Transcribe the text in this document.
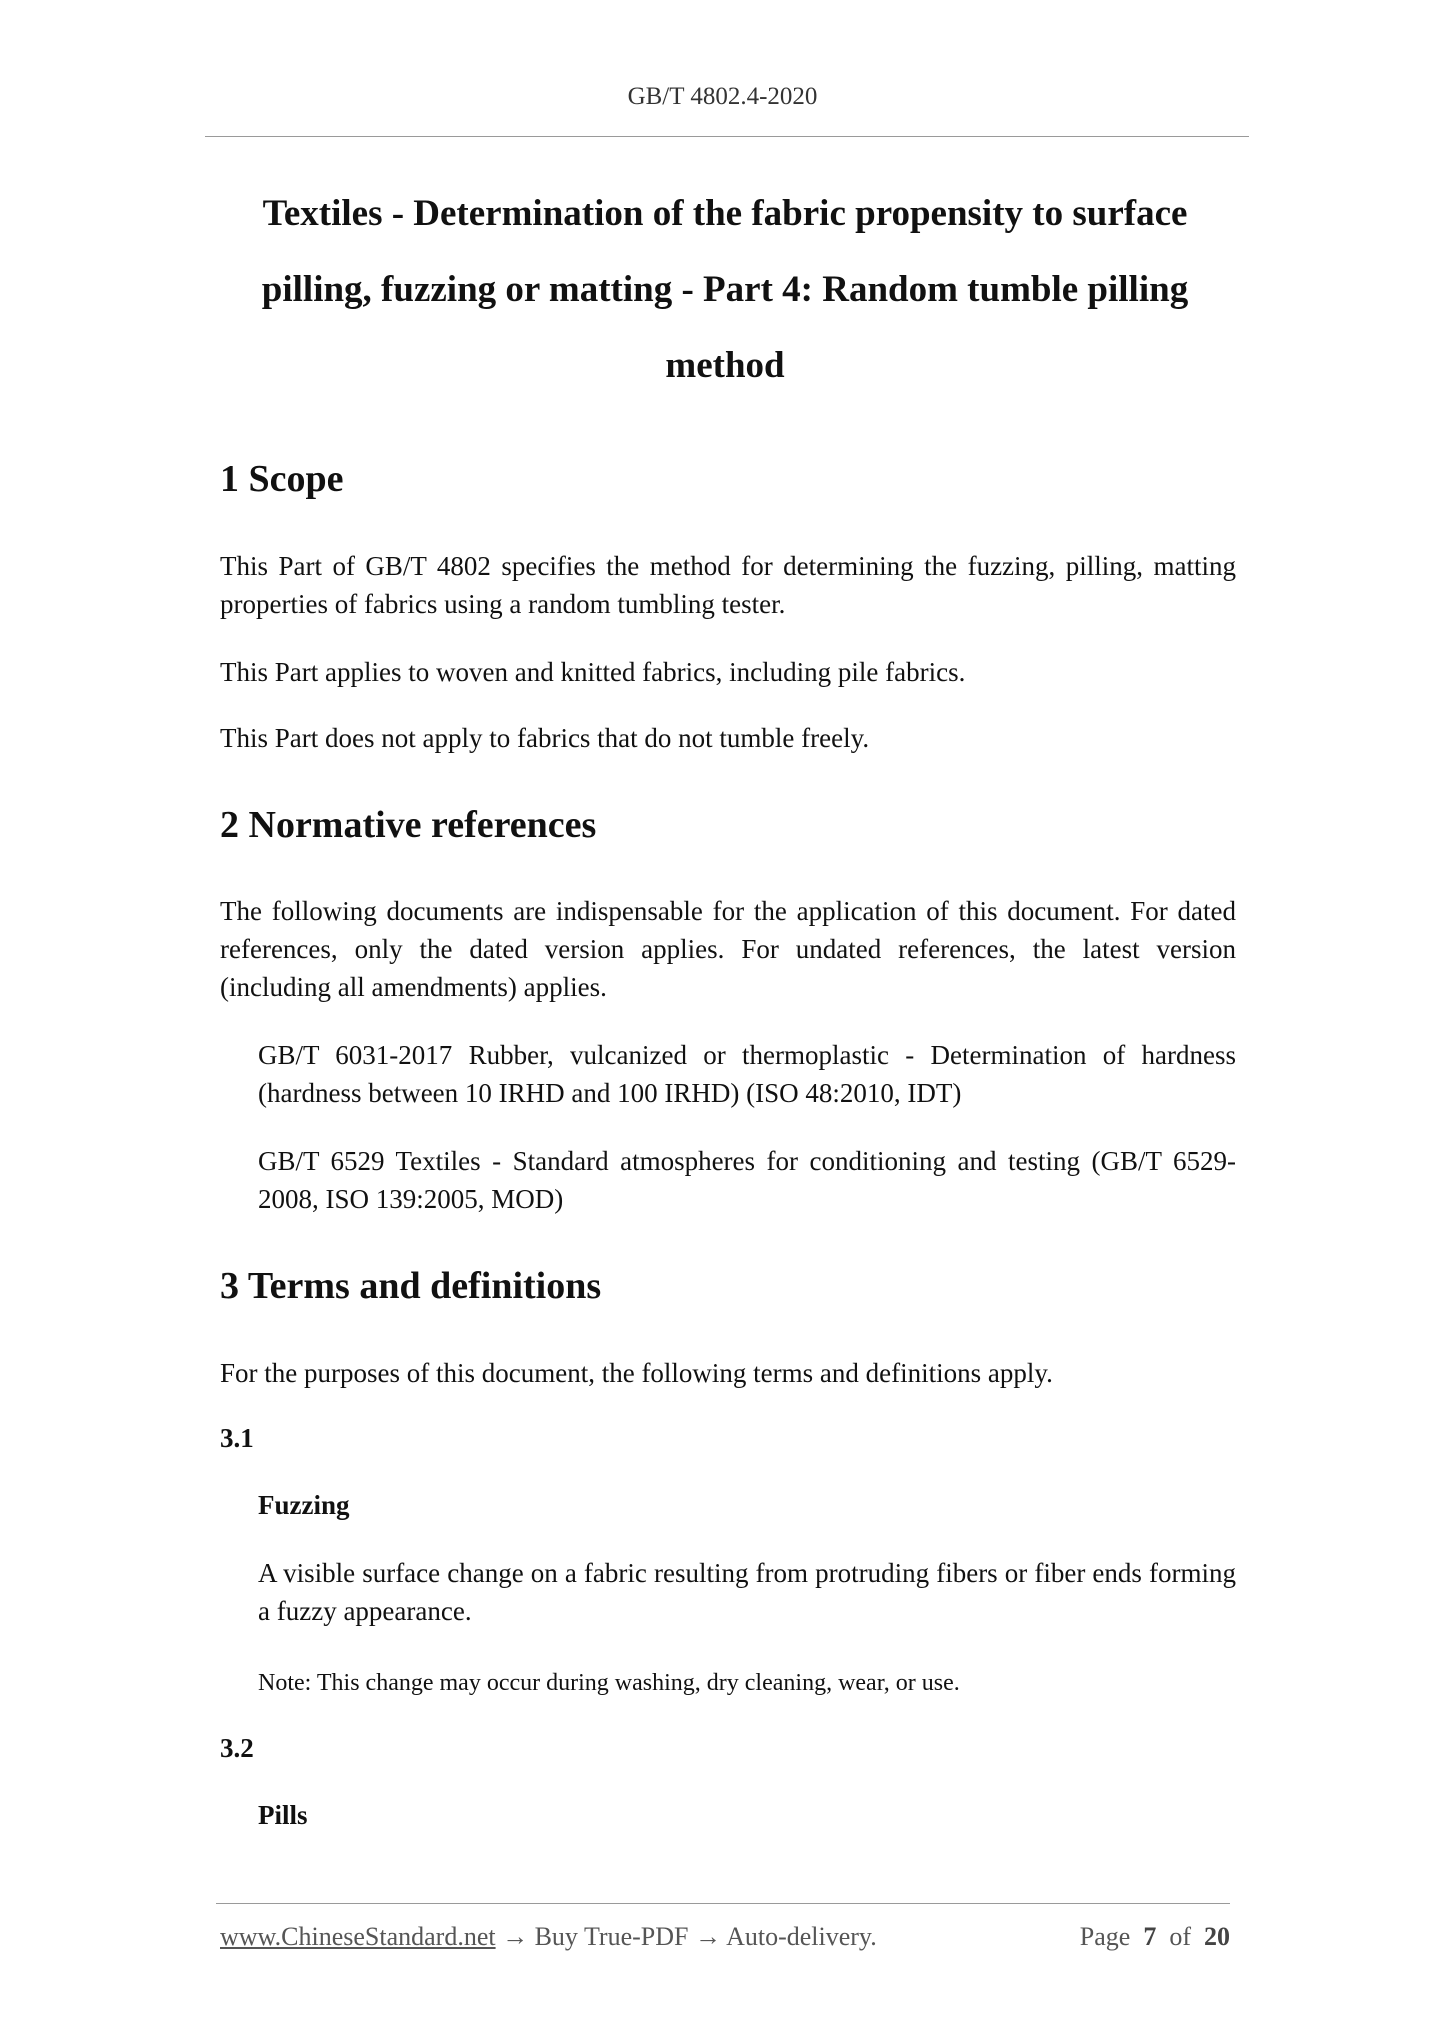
GB/T 4802.4-2020
Textiles - Determination of the fabric propensity to surface pilling, fuzzing or matting - Part 4: Random tumble pilling method
1 Scope
This Part of GB/T 4802 specifies the method for determining the fuzzing, pilling, matting properties of fabrics using a random tumbling tester.
This Part applies to woven and knitted fabrics, including pile fabrics.
This Part does not apply to fabrics that do not tumble freely.
2 Normative references
The following documents are indispensable for the application of this document. For dated references, only the dated version applies. For undated references, the latest version (including all amendments) applies.
GB/T 6031-2017 Rubber, vulcanized or thermoplastic - Determination of hardness (hardness between 10 IRHD and 100 IRHD) (ISO 48:2010, IDT)
GB/T 6529 Textiles - Standard atmospheres for conditioning and testing (GB/T 6529-2008, ISO 139:2005, MOD)
3 Terms and definitions
For the purposes of this document, the following terms and definitions apply.
3.1
Fuzzing
A visible surface change on a fabric resulting from protruding fibers or fiber ends forming a fuzzy appearance.
Note: This change may occur during washing, dry cleaning, wear, or use.
3.2
Pills
www.ChineseStandard.net → Buy True-PDF → Auto-delivery.	Page 7 of 20
